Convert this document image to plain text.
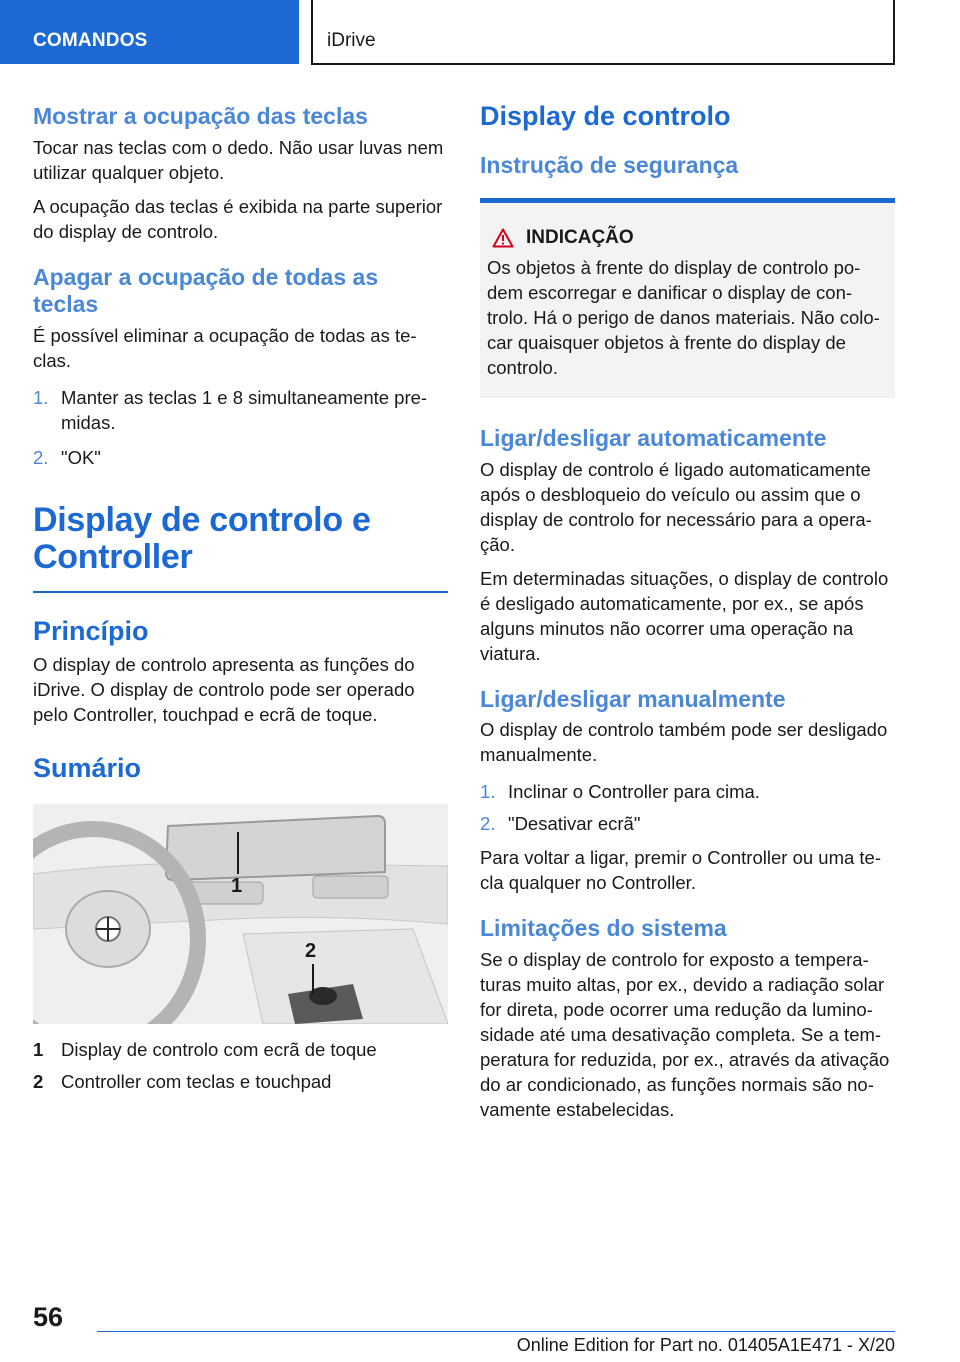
COMANDOS	iDrive
Mostrar a ocupação das teclas

Tocar nas teclas com o dedo. Não usar luvas nem utilizar qualquer objeto.

A ocupação das teclas é exibida na parte superior do display de controlo.

Apagar a ocupação de todas as teclas

É possível eliminar a ocupação de todas as teclas.

1. Manter as teclas 1 e 8 simultaneamente premidas.
2. "OK"
Display de controlo e Controller
Princípio

O display de controlo apresenta as funções do iDrive. O display de controlo pode ser operado pelo Controller, touchpad e ecrã de toque.

Sumário
1
2
1 Display de controlo com ecrã de toque
2 Controller com teclas e touchpad
Display de controlo
Instrução de segurança
INDICAÇÃO

Os objetos à frente do display de controlo podem escorregar e danificar o display de controlo. Há o perigo de danos materiais. Não colocar quaisquer objetos à frente do display de controlo.

Ligar/desligar automaticamente

O display de controlo é ligado automaticamente após o desbloqueio do veículo ou assim que o display de controlo for necessário para a operação.

Em determinadas situações, o display de controlo é desligado automaticamente, por ex., se após alguns minutos não ocorrer uma operação na viatura.

Ligar/desligar manualmente

O display de controlo também pode ser desligado manualmente.

1. Inclinar o Controller para cima.
2. "Desativar ecrã"

Para voltar a ligar, premir o Controller ou uma tecla qualquer no Controller.

Limitações do sistema

Se o display de controlo for exposto a temperaturas muito altas, por ex., devido a radiação solar for direta, pode ocorrer uma redução da luminosidade até uma desativação completa. Se a temperatura for reduzida, por ex., através da ativação do ar condicionado, as funções normais são novamente estabelecidas.

56
Online Edition for Part no. 01405A1E471 - X/20
